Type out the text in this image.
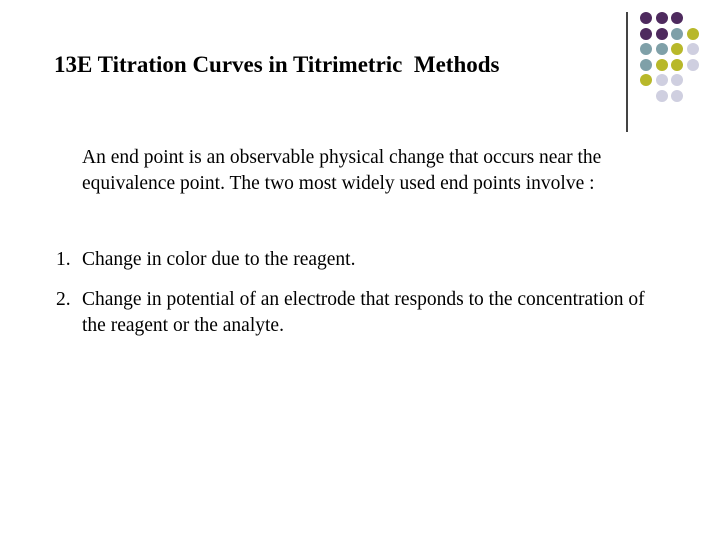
13E Titration Curves in Titrimetric  Methods
An end point is an observable physical change that occurs near the equivalence point. The two most widely used end points involve :
1. Change in color due to the reagent.
2. Change in potential of an electrode that responds to the concentration of the reagent or the analyte.
